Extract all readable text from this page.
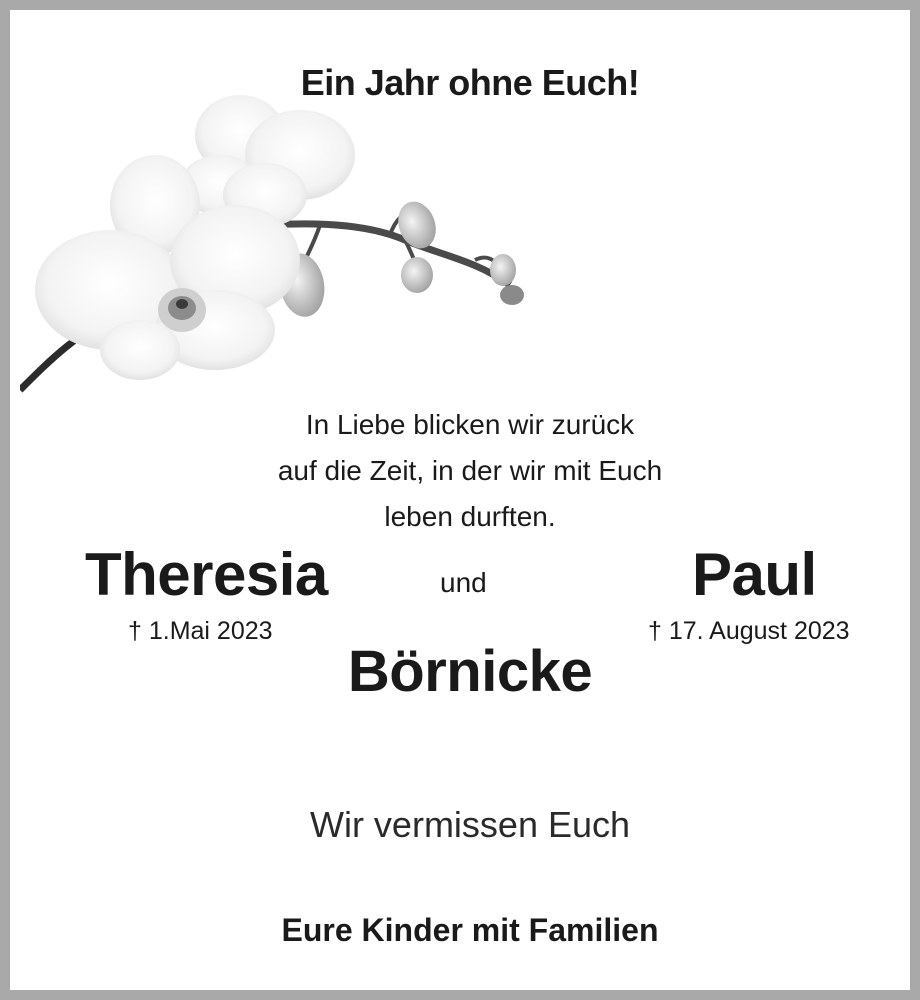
Ein Jahr ohne Euch!
In Liebe blicken wir zurück
auf die Zeit, in der wir mit Euch
leben durften.
Theresia	und	Paul
† 1.Mai 2023	† 17. August 2023
Börnicke
Wir vermissen Euch
Eure Kinder mit Familien
